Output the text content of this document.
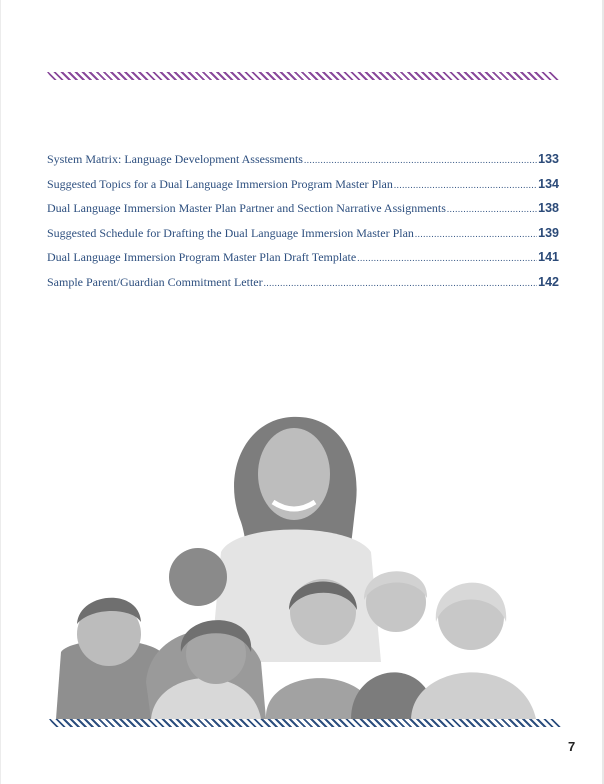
System Matrix: Language Development Assessments .....	133
Suggested Topics for a Dual Language Immersion Program Master Plan .....	134
Dual Language Immersion Master Plan Partner and Section Narrative Assignments .....	138
Suggested Schedule for Drafting the Dual Language Immersion Master Plan .....	139
Dual Language Immersion Program Master Plan Draft Template .....	141
Sample Parent/Guardian Commitment Letter .....	142
7
